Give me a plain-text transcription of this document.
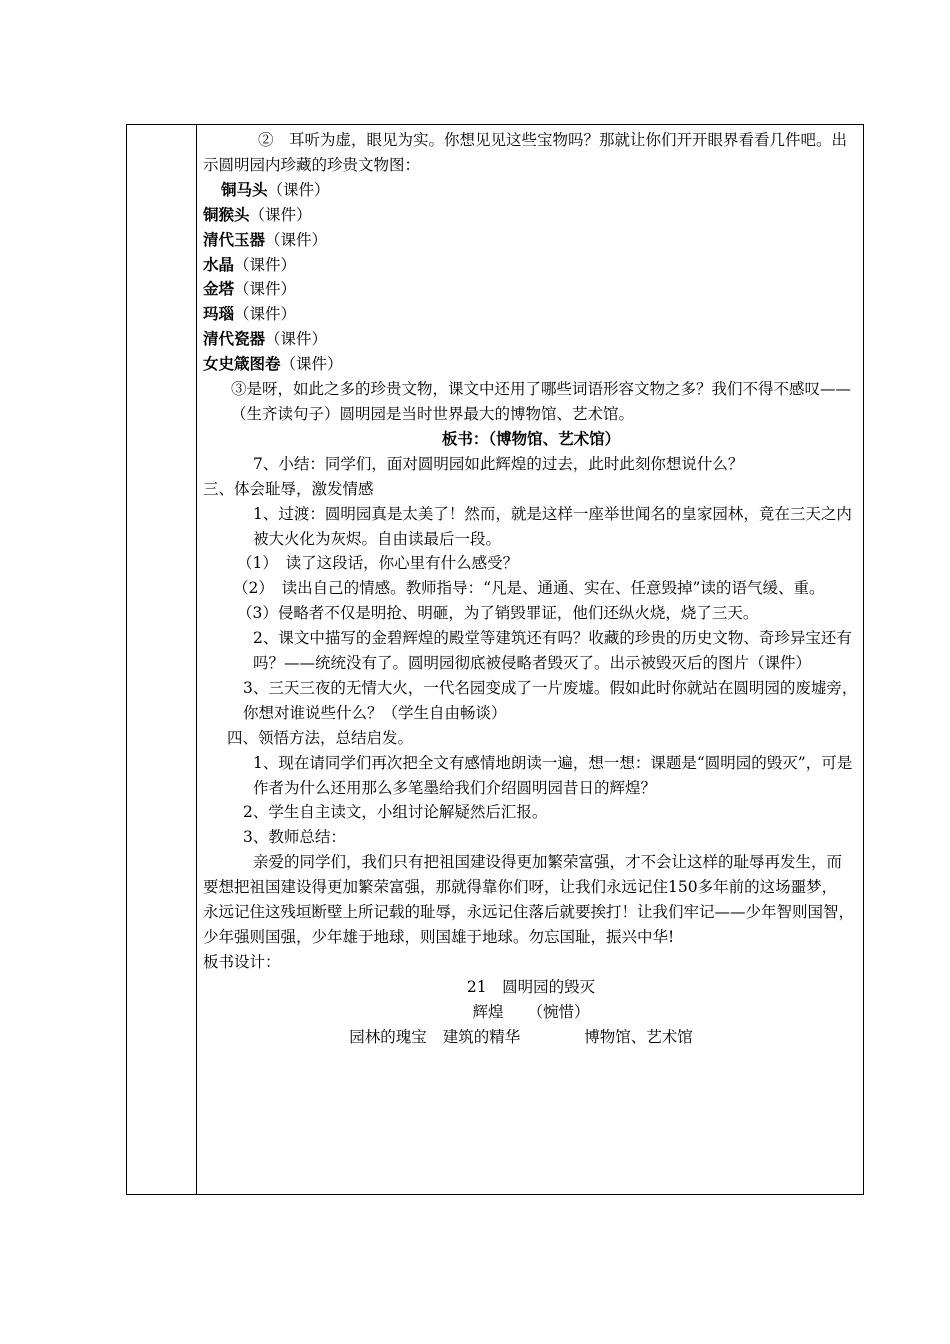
②　耳听为虚，眼见为实。你想见见这些宝物吗？那就让你们开开眼界看看几件吧。出

示圆明园内珍藏的珍贵文物图：

铜马头（课件）

铜猴头（课件）

清代玉器（课件）

水晶（课件）

金塔（课件）

玛瑙（课件）

清代瓷器（课件）

女史箴图卷（课件）

③是呀，如此之多的珍贵文物，课文中还用了哪些词语形容文物之多？我们不得不感叹——（生齐读句子）圆明园是当时世界最大的博物馆、艺术馆。

板书：（博物馆、艺术馆）

7、小结：同学们，面对圆明园如此辉煌的过去，此时此刻你想说什么？

三、体会耻辱，激发情感

1、过渡：圆明园真是太美了！然而，就是这样一座举世闻名的皇家园林，竟在三天之内被大火化为灰烬。自由读最后一段。

（1）　读了这段话，你心里有什么感受？

（2）　读出自己的情感。教师指导：“凡是、通通、实在、任意毁掉”读的语气缓、重。

（3）侵略者不仅是明抢、明砸，为了销毁罪证，他们还纵火烧，烧了三天。

2、课文中描写的金碧辉煌的殿堂等建筑还有吗？收藏的珍贵的历史文物、奇珍异宝还有吗？——统统没有了。圆明园彻底被侵略者毁灭了。出示被毁灭后的图片（课件）

3、三天三夜的无情大火，一代名园变成了一片废墟。假如此时你就站在圆明园的废墟旁，你想对谁说些什么？（学生自由畅谈）

四、领悟方法，总结启发。

1、现在请同学们再次把全文有感情地朗读一遍，想一想：课题是“圆明园的毁灭”，可是作者为什么还用那么多笔墨给我们介绍圆明园昔日的辉煌？

2、学生自主读文，小组讨论解疑然后汇报。

3、教师总结：

亲爱的同学们，我们只有把祖国建设得更加繁荣富强，才不会让这样的耻辱再发生，而

要想把祖国建设得更加繁荣富强，那就得靠你们呀，让我们永远记住150多年前的这场噩梦，

永远记住这残垣断壁上所记载的耻辱，永远记住落后就要挨打！让我们牢记——少年智则国智，少年强则国强，少年雄于地球，则国雄于地球。勿忘国耻，振兴中华!

板书设计：

21　圆明园的毁灭

辉煌 （惋惜）

园林的瑰宝 建筑的精华	博物馆、艺术馆
